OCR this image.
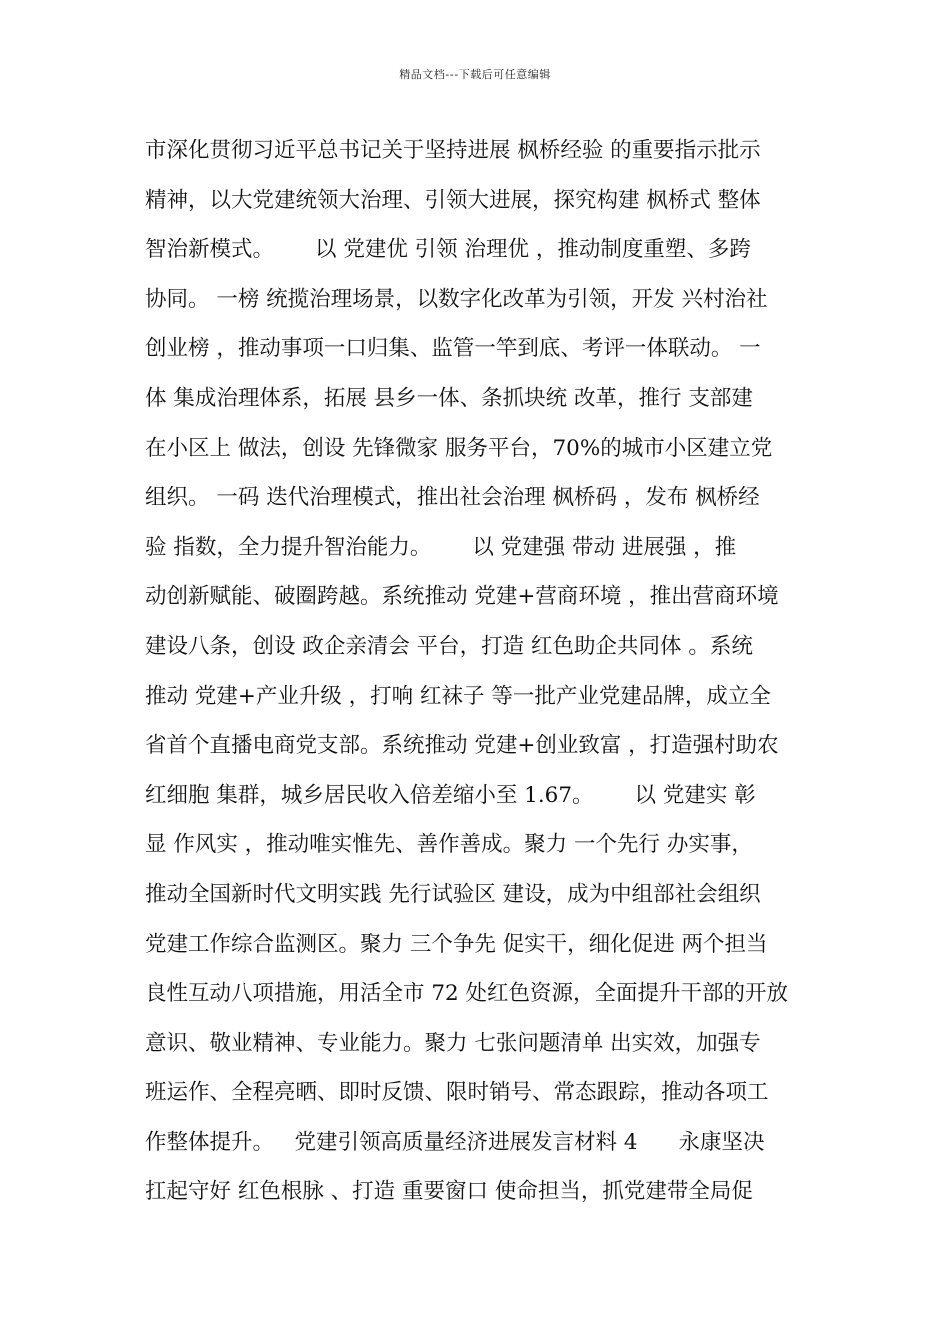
精品文档---下载后可任意编辑
市深化贯彻习近平总书记关于坚持进展 枫桥经验 的重要指示批示
精神，以大党建统领大治理、引领大进展，探究构建 枫桥式 整体
智治新模式。      以 党建优 引领 治理优 ，推动制度重塑、多跨
协同。 一榜 统揽治理场景，以数字化改革为引领，开发 兴村治社
创业榜 ，推动事项一口归集、监管一竿到底、考评一体联动。 一
体 集成治理体系，拓展 县乡一体、条抓块统 改革，推行 支部建
在小区上 做法，创设 先锋微家 服务平台，70%的城市小区建立党
组织。 一码 迭代治理模式，推出社会治理 枫桥码 ，发布 枫桥经
验 指数，全力提升智治能力。      以 党建强 带动 进展强 ，推
动创新赋能、破圈跨越。系统推动 党建+营商环境 ，推出营商环境
建设八条，创设 政企亲清会 平台，打造 红色助企共同体 。系统
推动 党建+产业升级 ，打响 红袜子 等一批产业党建品牌，成立全
省首个直播电商党支部。系统推动 党建+创业致富 ，打造强村助农
红细胞 集群，城乡居民收入倍差缩小至 1.67。      以 党建实 彰
显 作风实 ，推动唯实惟先、善作善成。聚力 一个先行 办实事，
推动全国新时代文明实践 先行试验区 建设，成为中组部社会组织
党建工作综合监测区。聚力 三个争先 促实干，细化促进 两个担当
良性互动八项措施，用活全市 72 处红色资源，全面提升干部的开放
意识、敬业精神、专业能力。聚力 七张问题清单 出实效，加强专
班运作、全程亮晒、即时反馈、限时销号、常态跟踪，推动各项工
作整体提升。   党建引领高质量经济进展发言材料 4      永康坚决
扛起守好 红色根脉 、打造 重要窗口 使命担当，抓党建带全局促
